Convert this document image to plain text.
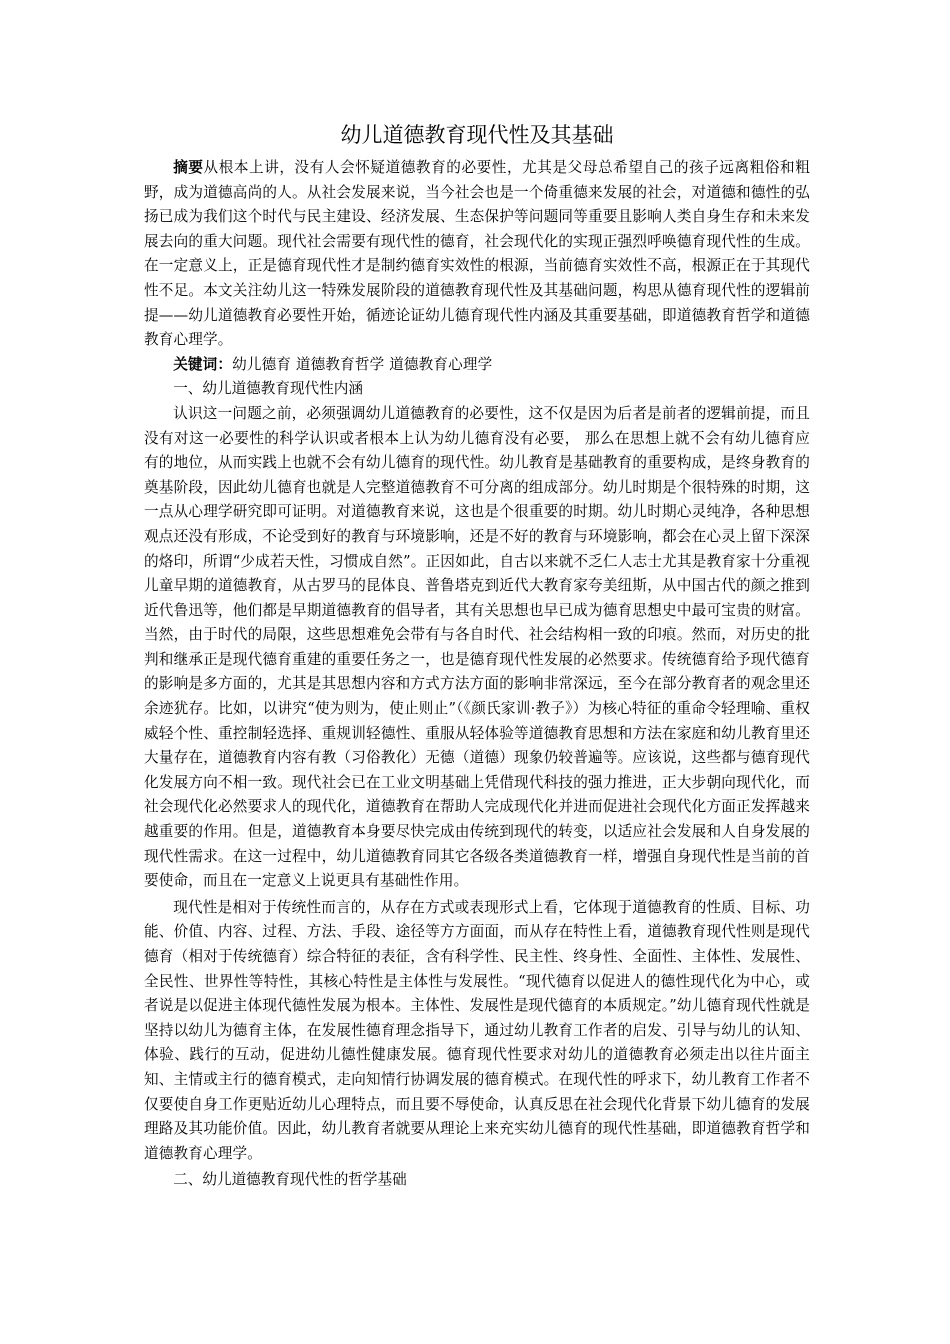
幼儿道德教育现代性及其基础

摘要从根本上讲，没有人会怀疑道德教育的必要性，尤其是父母总希望自己的孩子远离粗俗和粗野，成为道德高尚的人。从社会发展来说，当今社会也是一个倚重德来发展的社会，对道德和德性的弘扬已成为我们这个时代与民主建设、经济发展、生态保护等问题同等重要且影响人类自身生存和未来发展去向的重大问题。现代社会需要有现代性的德育，社会现代化的实现正强烈呼唤德育现代性的生成。在一定意义上，正是德育现代性才是制约德育实效性的根源，当前德育实效性不高，根源正在于其现代性不足。本文关注幼儿这一特殊发展阶段的道德教育现代性及其基础问题，构思从德育现代性的逻辑前提——幼儿道德教育必要性开始，循迹论证幼儿德育现代性内涵及其重要基础，即道德教育哲学和道德教育心理学。

关键词：幼儿德育 道德教育哲学 道德教育心理学

一、幼儿道德教育现代性内涵

认识这一问题之前，必须强调幼儿道德教育的必要性，这不仅是因为后者是前者的逻辑前提，而且没有对这一必要性的科学认识或者根本上认为幼儿德育没有必要， 那么在思想上就不会有幼儿德育应有的地位，从而实践上也就不会有幼儿德育的现代性。幼儿教育是基础教育的重要构成，是终身教育的奠基阶段，因此幼儿德育也就是人完整道德教育不可分离的组成部分。幼儿时期是个很特殊的时期，这一点从心理学研究即可证明。对道德教育来说，这也是个很重要的时期。幼儿时期心灵纯净，各种思想观点还没有形成，不论受到好的教育与环境影响，还是不好的教育与环境影响，都会在心灵上留下深深的烙印，所谓“少成若天性，习惯成自然”。正因如此，自古以来就不乏仁人志士尤其是教育家十分重视儿童早期的道德教育，从古罗马的昆体良、普鲁塔克到近代大教育家夸美纽斯，从中国古代的颜之推到近代鲁迅等，他们都是早期道德教育的倡导者，其有关思想也早已成为德育思想史中最可宝贵的财富。当然，由于时代的局限，这些思想难免会带有与各自时代、社会结构相一致的印痕。然而，对历史的批判和继承正是现代德育重建的重要任务之一，也是德育现代性发展的必然要求。传统德育给予现代德育的影响是多方面的，尤其是其思想内容和方式方法方面的影响非常深远，至今在部分教育者的观念里还余迹犹存。比如，以讲究“使为则为，使止则止”（《颜氏家训·教子》）为核心特征的重命令轻理喻、重权威轻个性、重控制轻选择、重规训轻德性、重服从轻体验等道德教育思想和方法在家庭和幼儿教育里还大量存在，道德教育内容有教（习俗教化）无德（道德）现象仍较普遍等。应该说，这些都与德育现代化发展方向不相一致。现代社会已在工业文明基础上凭借现代科技的强力推进，正大步朝向现代化，而社会现代化必然要求人的现代化，道德教育在帮助人完成现代化并进而促进社会现代化方面正发挥越来越重要的作用。但是，道德教育本身要尽快完成由传统到现代的转变，以适应社会发展和人自身发展的现代性需求。在这一过程中，幼儿道德教育同其它各级各类道德教育一样，增强自身现代性是当前的首要使命，而且在一定意义上说更具有基础性作用。

现代性是相对于传统性而言的，从存在方式或表现形式上看，它体现于道德教育的性质、目标、功能、价值、内容、过程、方法、手段、途径等方方面面，而从存在特性上看，道德教育现代性则是现代德育（相对于传统德育）综合特征的表征，含有科学性、民主性、终身性、全面性、主体性、发展性、全民性、世界性等特性，其核心特性是主体性与发展性。“现代德育以促进人的德性现代化为中心，或者说是以促进主体现代德性发展为根本。主体性、发展性是现代德育的本质规定。”幼儿德育现代性就是坚持以幼儿为德育主体，在发展性德育理念指导下，通过幼儿教育工作者的启发、引导与幼儿的认知、体验、践行的互动，促进幼儿德性健康发展。德育现代性要求对幼儿的道德教育必须走出以往片面主知、主情或主行的德育模式，走向知情行协调发展的德育模式。在现代性的呼求下，幼儿教育工作者不仅要使自身工作更贴近幼儿心理特点，而且要不辱使命，认真反思在社会现代化背景下幼儿德育的发展理路及其功能价值。因此，幼儿教育者就要从理论上来充实幼儿德育的现代性基础，即道德教育哲学和道德教育心理学。

二、幼儿道德教育现代性的哲学基础
